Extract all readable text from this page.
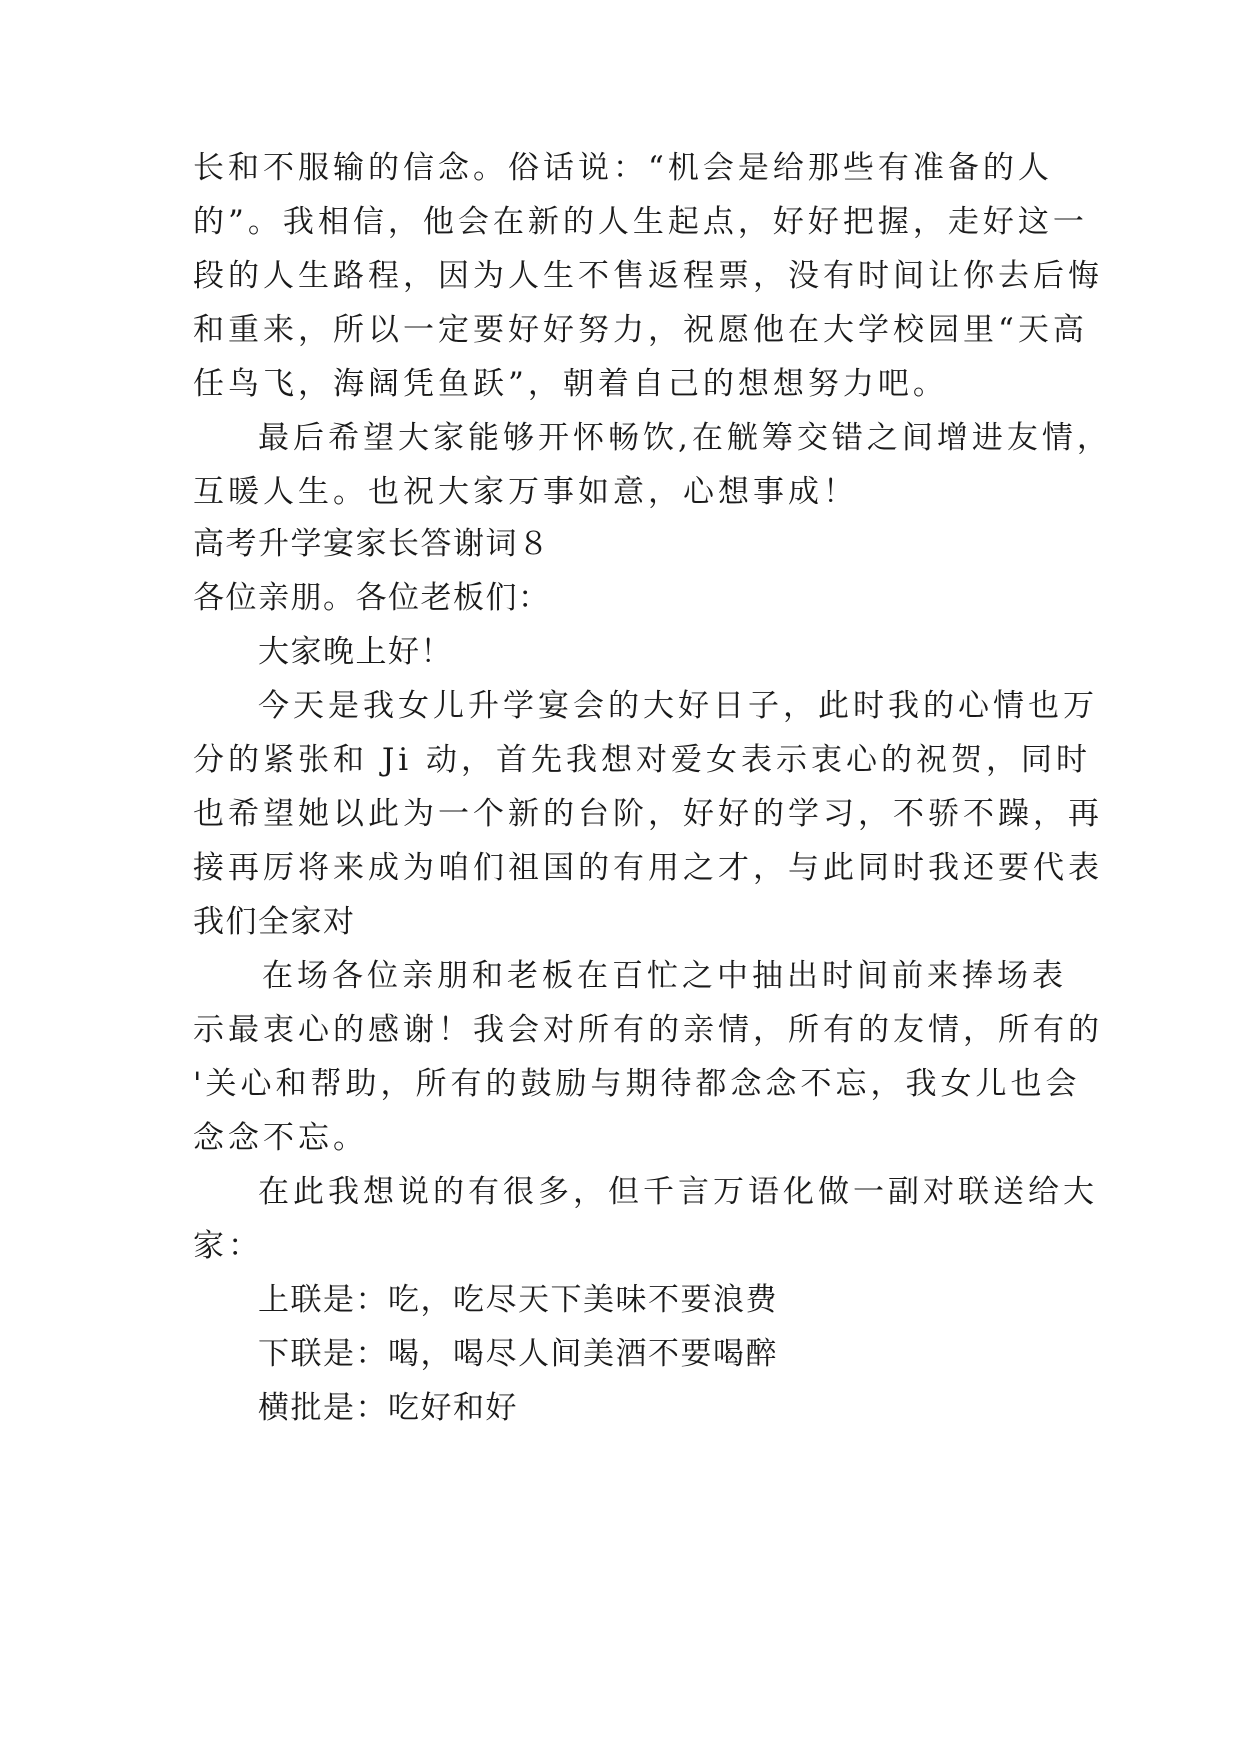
长和不服输的信念。俗话说：“机会是给那些有准备的人
的”。我相信，他会在新的人生起点，好好把握，走好这一
段的人生路程，因为人生不售返程票，没有时间让你去后悔
和重来，所以一定要好好努力，祝愿他在大学校园里“天高
任鸟飞，海阔凭鱼跃”，朝着自己的想想努力吧。
最后希望大家能够开怀畅饮,在觥筹交错之间增进友情，
互暖人生。也祝大家万事如意，心想事成！
高考升学宴家长答谢词８
各位亲朋。各位老板们：
大家晚上好！
今天是我女儿升学宴会的大好日子，此时我的心情也万
分的紧张和 Ji 动，首先我想对爱女表示衷心的祝贺，同时
也希望她以此为一个新的台阶，好好的学习，不骄不躁，再
接再厉将来成为咱们祖国的有用之才，与此同时我还要代表
我们全家对
在场各位亲朋和老板在百忙之中抽出时间前来捧场表
示最衷心的感谢！我会对所有的亲情，所有的友情，所有的
'关心和帮助，所有的鼓励与期待都念念不忘，我女儿也会
念念不忘。
在此我想说的有很多，但千言万语化做一副对联送给大
家：
上联是：吃，吃尽天下美味不要浪费
下联是：喝，喝尽人间美酒不要喝醉
横批是：吃好和好
